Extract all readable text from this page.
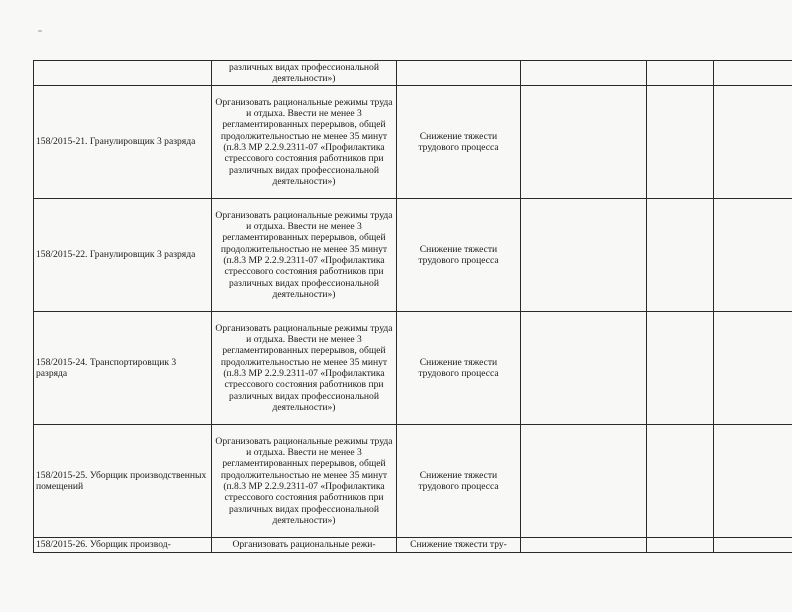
	различных видах профессиональной деятельности»)					
158/2015-21. Гранулировщик 3 разряда	Организовать рациональные режимы труда и отдыха. Ввести не менее 3 регламентированных перерывов, общей продолжительностью не менее 35 минут (п.8.3 МР 2.2.9.2311-07 «Профилактика стрессового состояния работников при различных видах профессиональной деятельности»)	Снижение тяжести трудового процесса				
158/2015-22. Гранулировщик 3 разряда	Организовать рациональные режимы труда и отдыха. Ввести не менее 3 регламентированных перерывов, общей продолжительностью не менее 35 минут (п.8.3 МР 2.2.9.2311-07 «Профилактика стрессового состояния работников при различных видах профессиональной деятельности»)	Снижение тяжести трудового процесса				
158/2015-24. Транспортировщик 3 разряда	Организовать рациональные режимы труда и отдыха. Ввести не менее 3 регламентированных перерывов, общей продолжительностью не менее 35 минут (п.8.3 МР 2.2.9.2311-07 «Профилактика стрессового состояния работников при различных видах профессиональной деятельности»)	Снижение тяжести трудового процесса				
158/2015-25. Уборщик производственных помещений	Организовать рациональные режимы труда и отдыха. Ввести не менее 3 регламентированных перерывов, общей продолжительностью не менее 35 минут (п.8.3 МР 2.2.9.2311-07 «Профилактика стрессового состояния работников при различных видах профессиональной деятельности»)	Снижение тяжести трудового процесса				
158/2015-26. Уборщик производ-	Организовать рациональные режи-	Снижение тяжести тру-				
